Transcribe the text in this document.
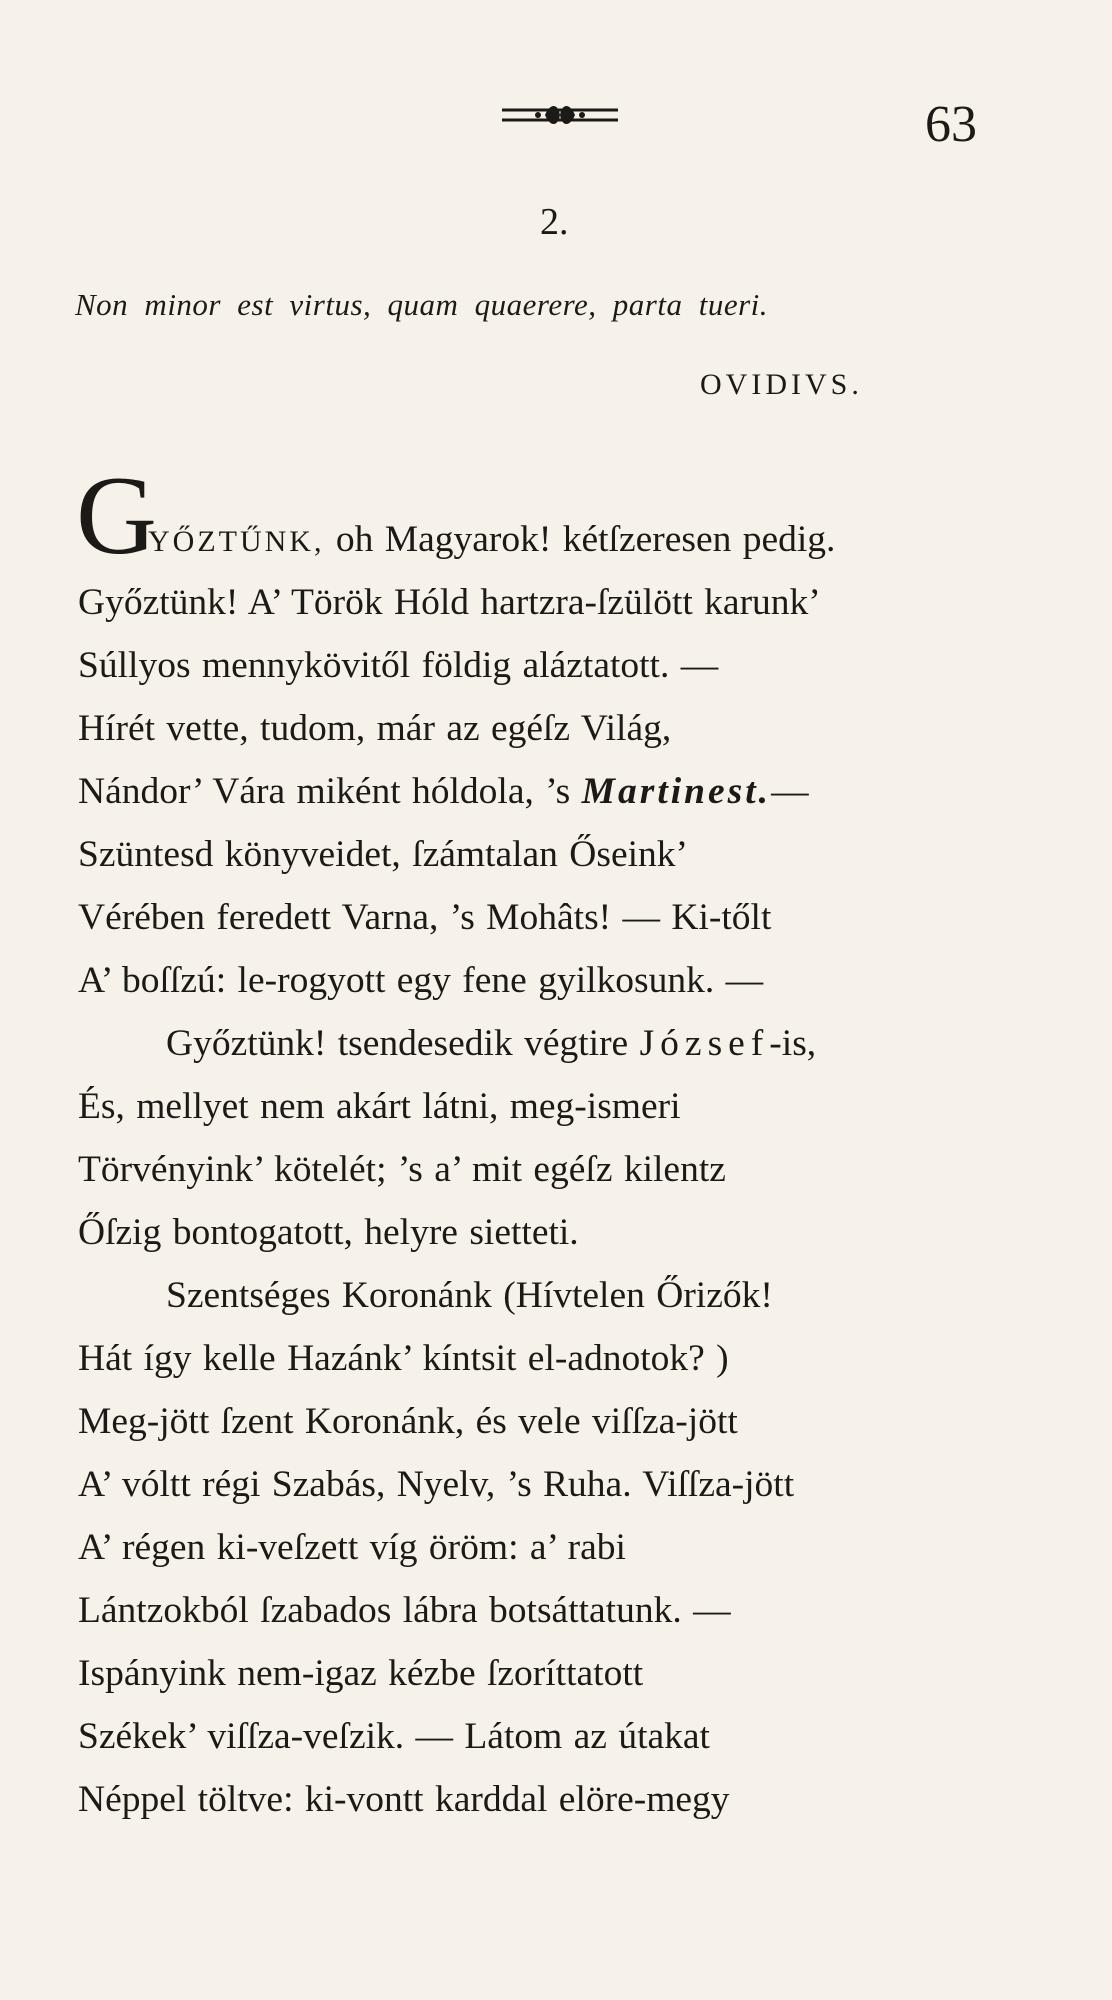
63
2.
Non minor est virtus, quam quaerere, parta tueri.
OVIDIVS.
G
YŐZTŰNK, oh Magyarok! kétſzeresen pedig.
Győztünk! A’ Török Hóld hartzra-ſzülött karunk’
Súllyos mennykövitől földig aláztatott. —
Hírét vette, tudom, már az egéſz Világ,
Nándor’ Vára miként hóldola, ’s Martinest.—
Szüntesd könyveidet, ſzámtalan Őseink’
Vérében feredett Varna, ’s Mohâts! — Ki-tőlt
A’ boſſzú: le-rogyott egy fene gyilkosunk. —
Győztünk! tsendesedik végtire József-is,
És, mellyet nem akárt látni, meg-ismeri
Törvényink’ kötelét; ’s a’ mit egéſz kilentz
Őſzig bontogatott, helyre sietteti.
Szentséges Koronánk (Hívtelen Őrizők!
Hát így kelle Hazánk’ kíntsit el-adnotok? )
Meg-jött ſzent Koronánk, és vele viſſza-jött
A’ vóltt régi Szabás, Nyelv, ’s Ruha. Viſſza-jött
A’ régen ki-veſzett víg öröm: a’ rabi
Lántzokból ſzabados lábra botsáttatunk. —
Ispányink nem-igaz kézbe ſzoríttatott
Székek’ viſſza-veſzik. — Látom az útakat
Néppel töltve: ki-vontt karddal elöre-megy
